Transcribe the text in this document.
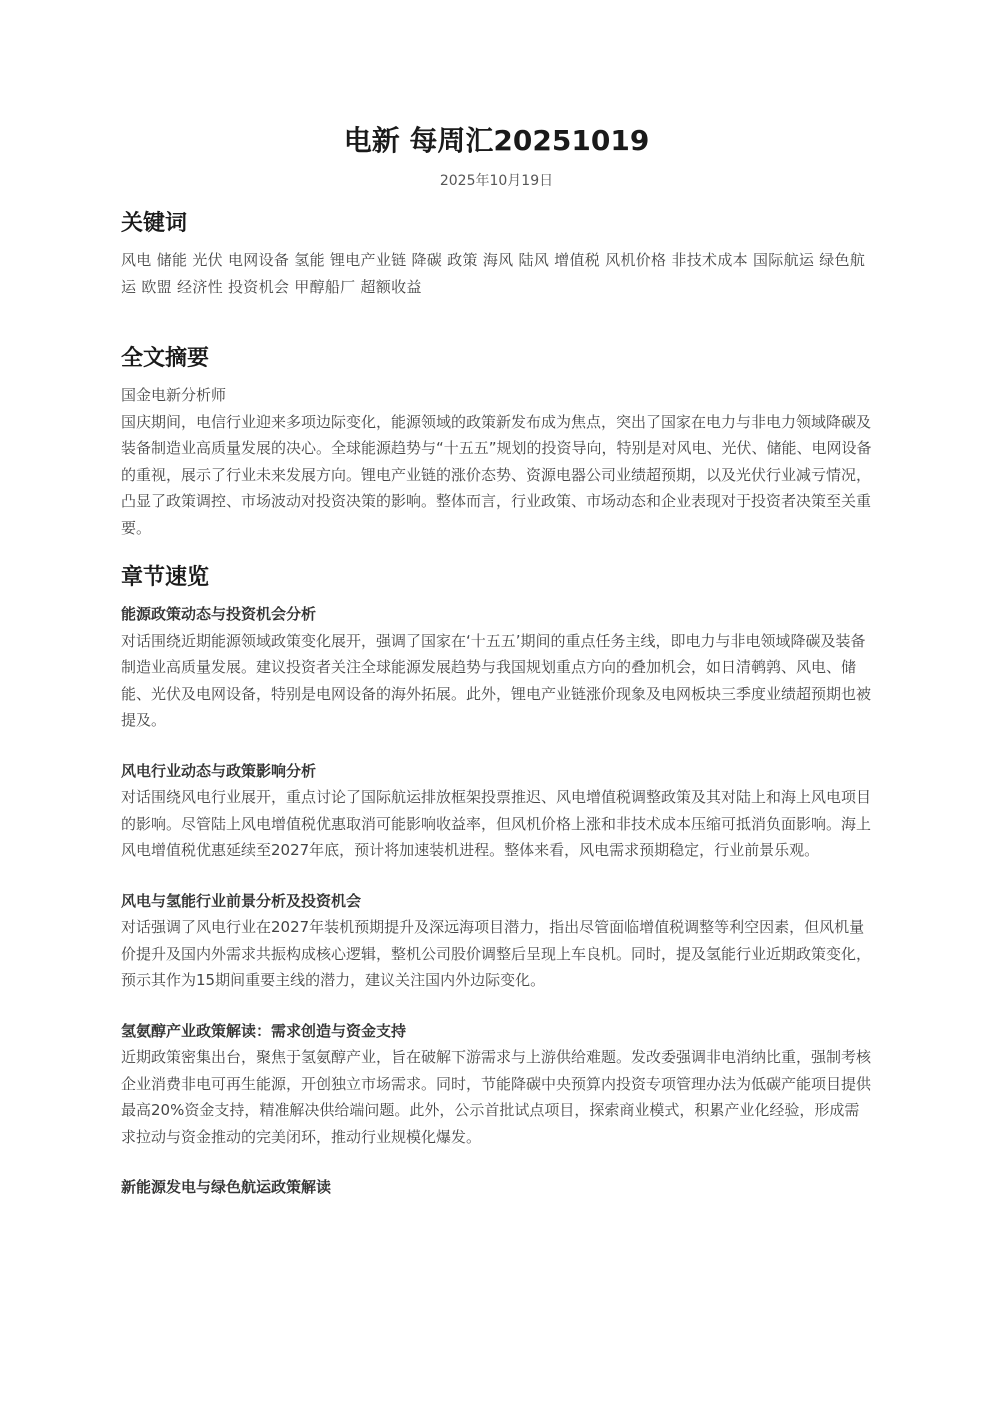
电新 每周汇20251019
2025年10月19日
关键词

风电 储能 光伏 电网设备 氢能 锂电产业链 降碳 政策 海风 陆风 增值税 风机价格 非技术成本 国际航运 绿色航运 欧盟 经济性 投资机会 甲醇船厂 超额收益

全文摘要

国金电新分析师

国庆期间，电信行业迎来多项边际变化，能源领域的政策新发布成为焦点，突出了国家在电力与非电力领域降碳及装备制造业高质量发展的决心。全球能源趋势与“十五五”规划的投资导向，特别是对风电、光伏、储能、电网设备的重视，展示了行业未来发展方向。锂电产业链的涨价态势、资源电器公司业绩超预期，以及光伏行业减亏情况，凸显了政策调控、市场波动对投资决策的影响。整体而言，行业政策、市场动态和企业表现对于投资者决策至关重要。

章节速览
能源政策动态与投资机会分析

对话围绕近期能源领域政策变化展开，强调了国家在‘十五五’期间的重点任务主线，即电力与非电领域降碳及装备制造业高质量发展。建议投资者关注全球能源发展趋势与我国规划重点方向的叠加机会，如日清鹌鹑、风电、储能、光伏及电网设备，特别是电网设备的海外拓展。此外，锂电产业链涨价现象及电网板块三季度业绩超预期也被提及。

风电行业动态与政策影响分析

对话围绕风电行业展开，重点讨论了国际航运排放框架投票推迟、风电增值税调整政策及其对陆上和海上风电项目的影响。尽管陆上风电增值税优惠取消可能影响收益率，但风机价格上涨和非技术成本压缩可抵消负面影响。海上风电增值税优惠延续至2027年底，预计将加速装机进程。整体来看，风电需求预期稳定，行业前景乐观。

风电与氢能行业前景分析及投资机会

对话强调了风电行业在2027年装机预期提升及深远海项目潜力，指出尽管面临增值税调整等利空因素，但风机量价提升及国内外需求共振构成核心逻辑，整机公司股价调整后呈现上车良机。同时，提及氢能行业近期政策变化，预示其作为15期间重要主线的潜力，建议关注国内外边际变化。

氢氨醇产业政策解读：需求创造与资金支持

近期政策密集出台，聚焦于氢氨醇产业，旨在破解下游需求与上游供给难题。发改委强调非电消纳比重，强制考核企业消费非电可再生能源，开创独立市场需求。同时，节能降碳中央预算内投资专项管理办法为低碳产能项目提供最高20%资金支持，精准解决供给端问题。此外，公示首批试点项目，探索商业模式，积累产业化经验，形成需求拉动与资金推动的完美闭环，推动行业规模化爆发。

新能源发电与绿色航运政策解读
